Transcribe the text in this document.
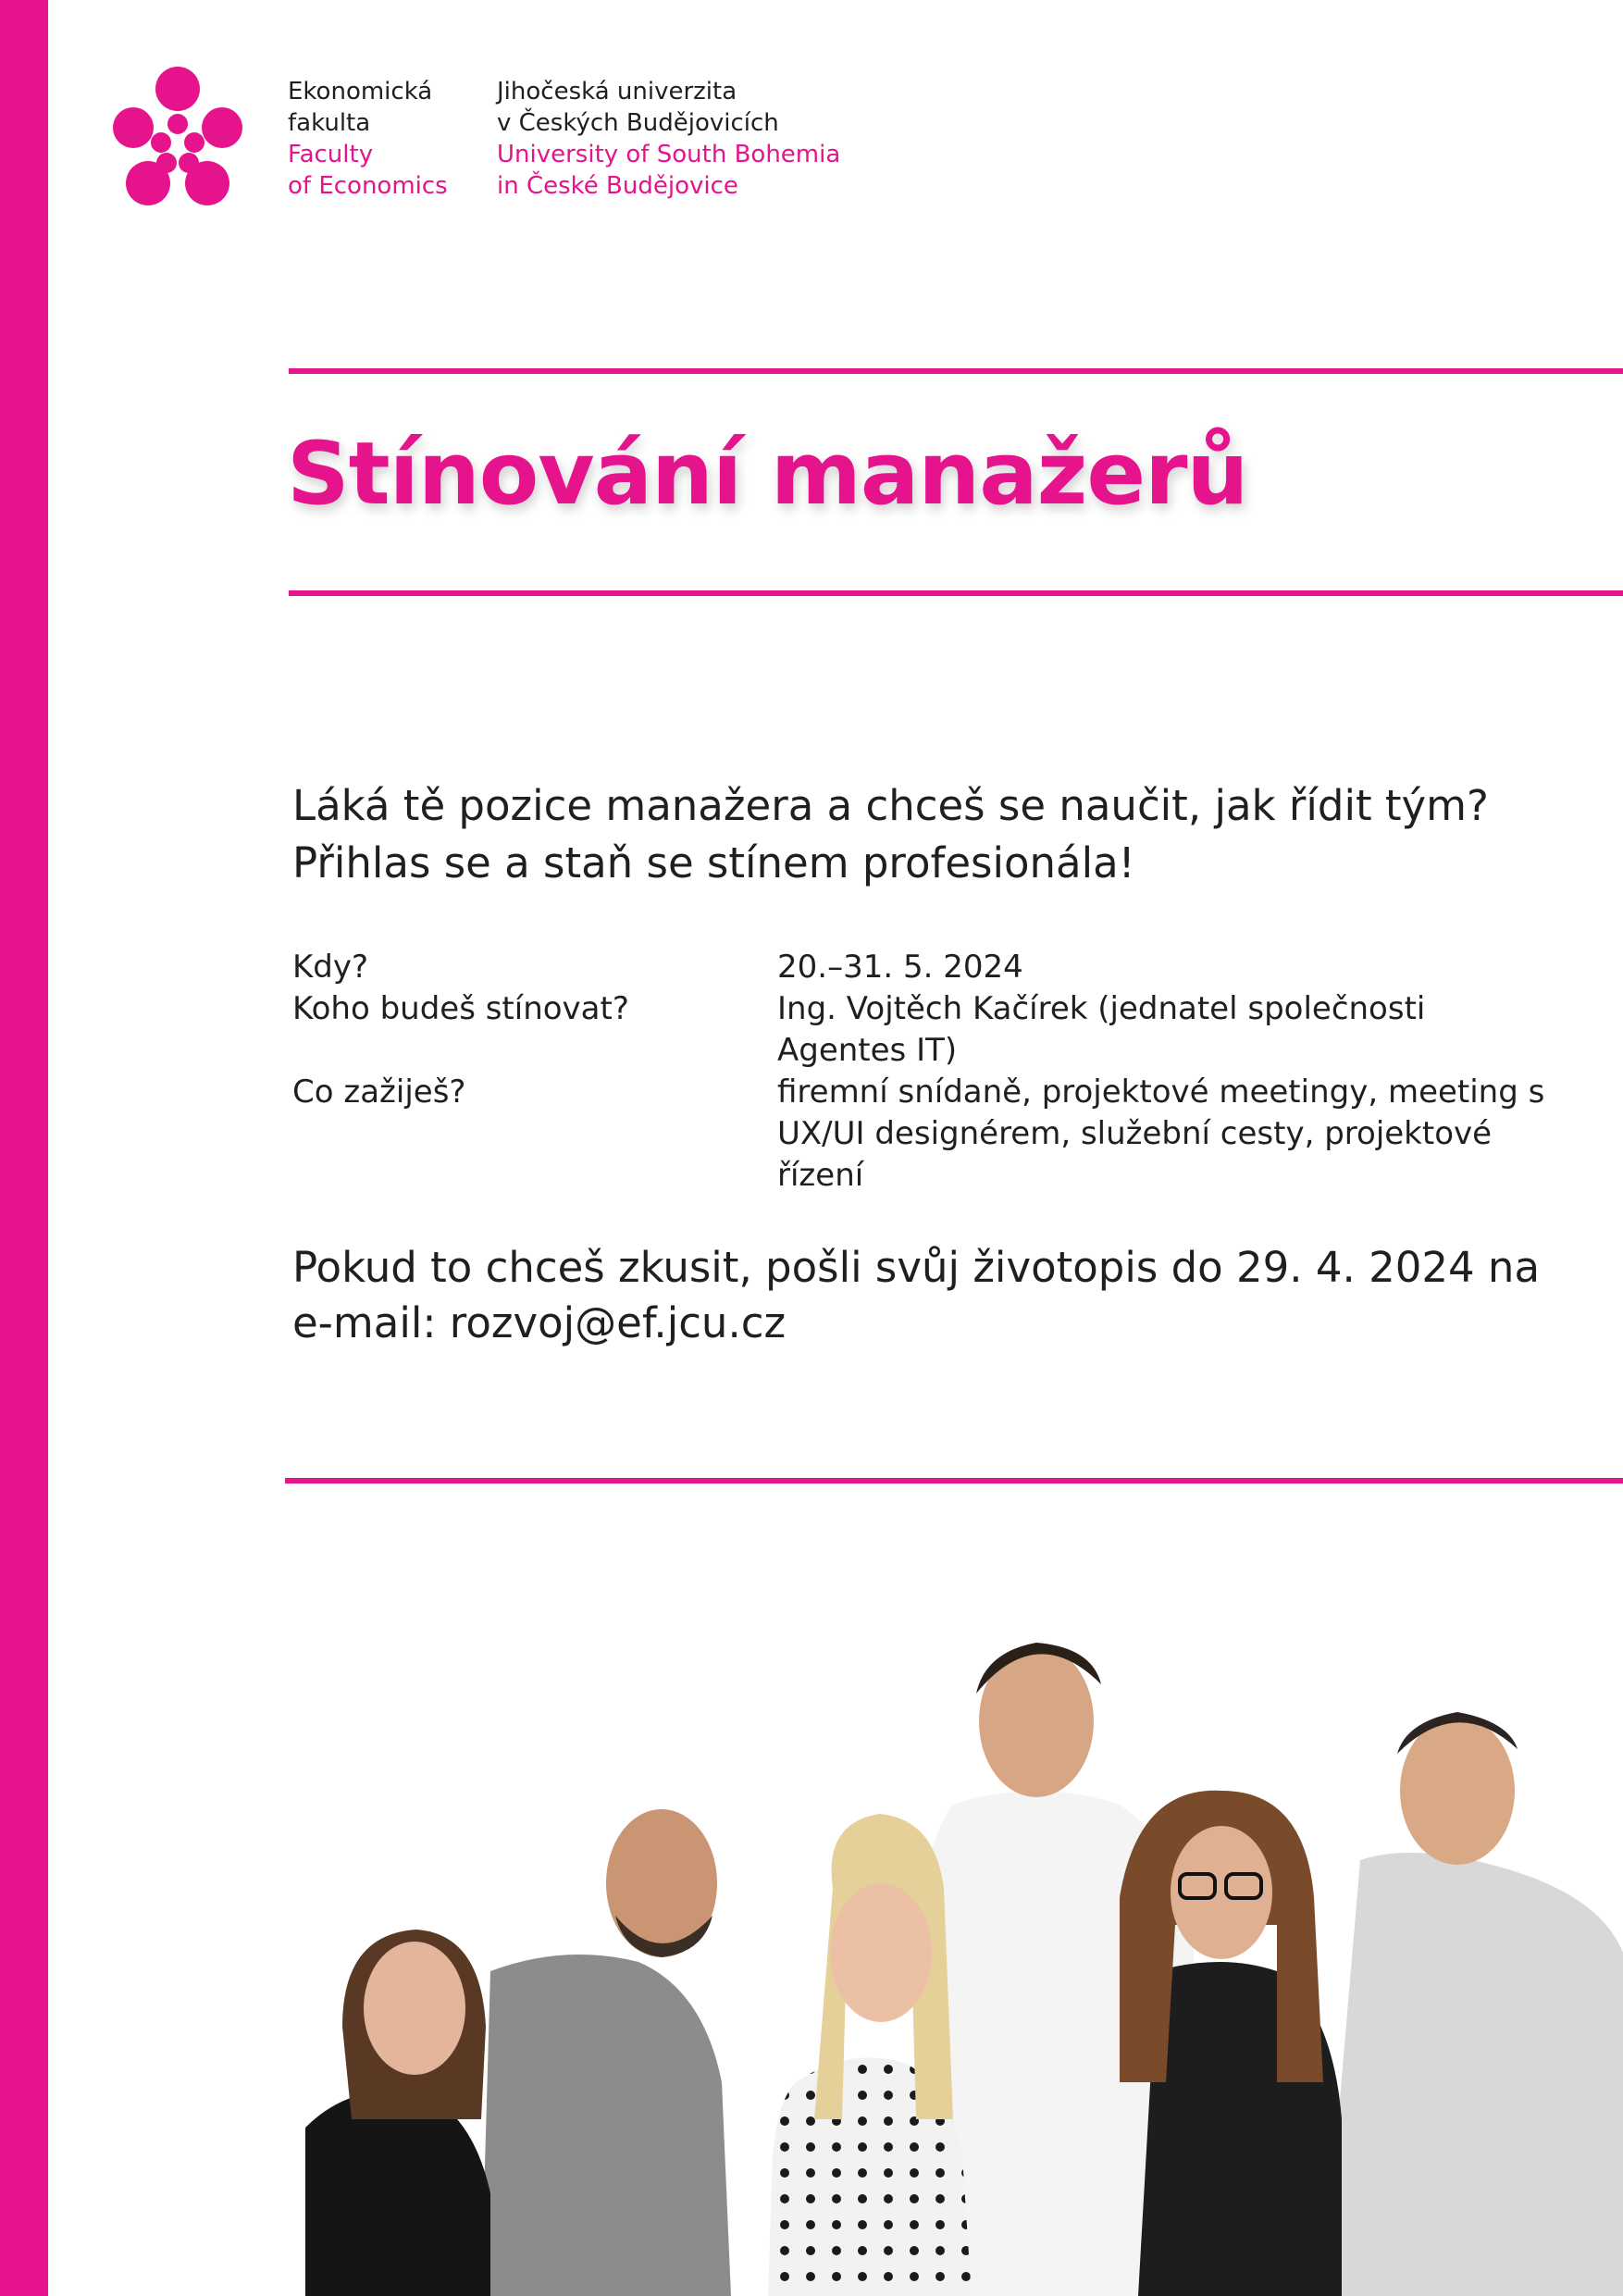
Ekonomická
fakulta
Faculty
of Economics
Jihočeská univerzita
v Českých Budějovicích
University of South Bohemia
in České Budějovice
Stínování manažerů
Láká tě pozice manažera a chceš se naučit, jak řídit tým?
Přihlas se a staň se stínem profesionála!
Kdy?	20.–31. 5. 2024
Koho budeš stínovat?	Ing. Vojtěch Kačírek (jednatel společnosti
Agentes IT)
Co zažiješ?	firemní snídaně, projektové meetingy, meeting s
UX/UI designérem, služební cesty, projektové
řízení
Pokud to chceš zkusit, pošli svůj životopis do 29. 4. 2024 na
e-mail: rozvoj@ef.jcu.cz
